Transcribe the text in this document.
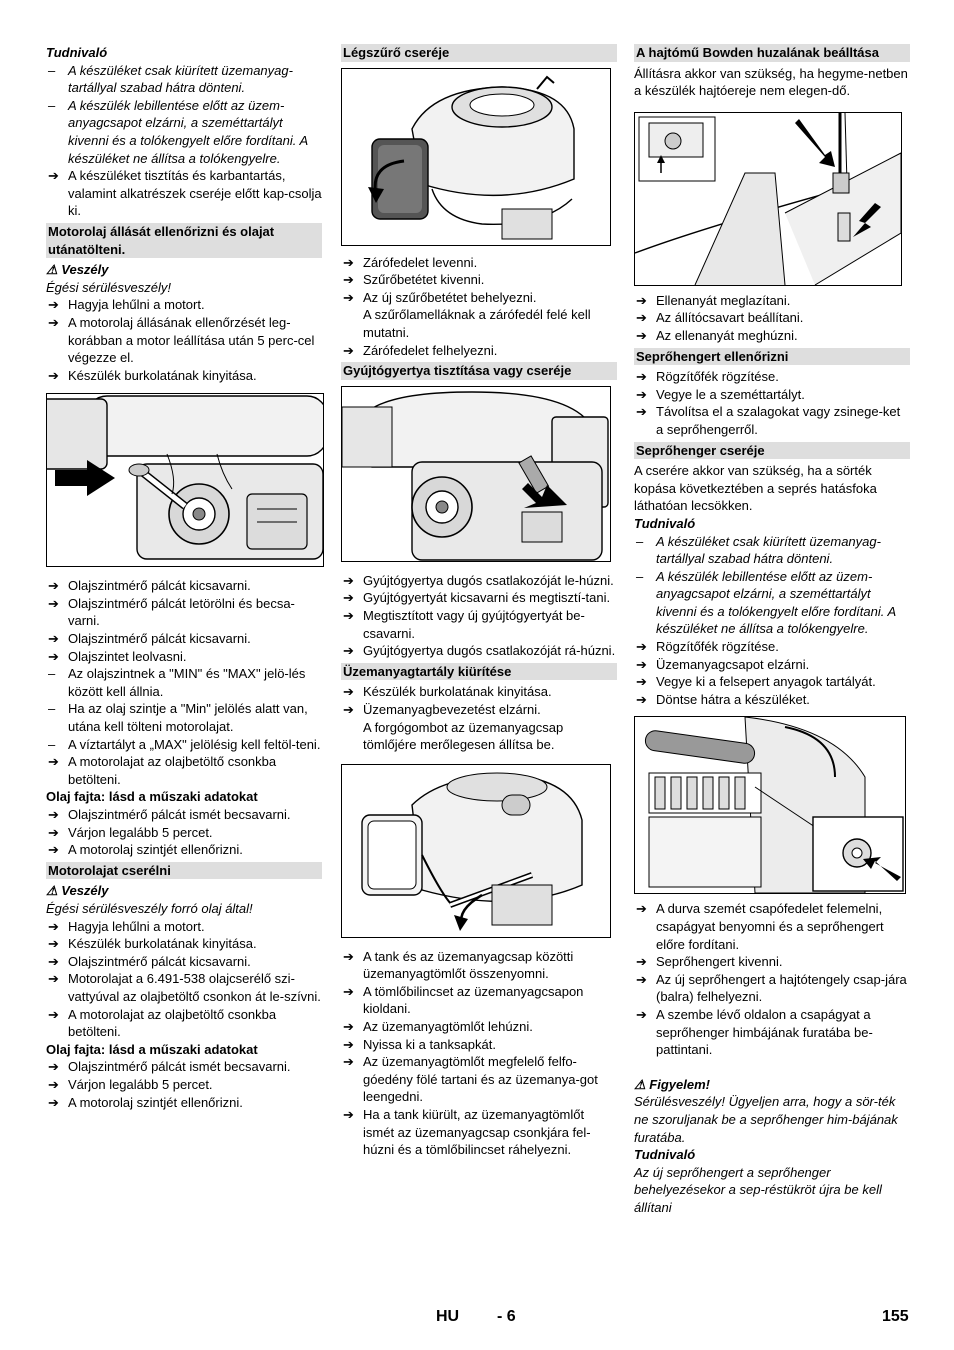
Tudnivaló
– A készüléket csak kiürített üzemanyag-tartállyal szabad hátra dönteni.
– A készülék lebillentése előtt az üzem-anyagcsapot elzárni, a szeméttartályt kivenni és a tolókengyelt előre fordítani. A készüléket ne állítsa a tolókengyelre.
➔ A készüléket tisztítás és karbantartás, valamint alkatrészek cseréje előtt kap-csolja ki.
Motorolaj állását ellenőrizni és olajat utánatölteni.
⚠ Veszély
Égési sérülésveszély!
➔ Hagyja lehűlni a motort.
➔ A motorolaj állásának ellenőrzését leg-korábban a motor leállítása után 5 perc-cel végezze el.
➔ Készülék burkolatának kinyitása.
➔ Olajszintmérő pálcát kicsavarni.
➔ Olajszintmérő pálcát letörölni és becsa-varni.
➔ Olajszintmérő pálcát kicsavarni.
➔ Olajszintet leolvasni.
– Az olajszintnek a "MIN" és "MAX" jelö-lés között kell állnia.
– Ha az olaj szintje a "Min" jelölés alatt van, utána kell tölteni motorolajat.
– A víztartályt a „MAX" jelölésig kell feltöl-teni.
➔ A motorolajat az olajbetöltő csonkba betölteni.
Olaj fajta: lásd a műszaki adatokat
➔ Olajszintmérő pálcát ismét becsavarni.
➔ Várjon legalább 5 percet.
➔ A motorolaj szintjét ellenőrizni.
Motorolajat cserélni
⚠ Veszély
Égési sérülésveszély forró olaj által!
➔ Hagyja lehűlni a motort.
➔ Készülék burkolatának kinyitása.
➔ Olajszintmérő pálcát kicsavarni.
➔ Motorolajat a 6.491-538 olajcserélő szi-vattyúval az olajbetöltő csonkon át le-szívni.
➔ A motorolajat az olajbetöltő csonkba betölteni.
Olaj fajta: lásd a műszaki adatokat
➔ Olajszintmérő pálcát ismét becsavarni.
➔ Várjon legalább 5 percet.
➔ A motorolaj szintjét ellenőrizni.
Légszűrő cseréje
➔ Zárófedelet levenni.
➔ Szűrőbetétet kivenni.
➔ Az új szűrőbetétet behelyezni.
A szűrőlamelláknak a zárófedél felé kell mutatni.
➔ Zárófedelet felhelyezni.
Gyújtógyertya tisztítása vagy cseréje
➔ Gyújtógyertya dugós csatlakozóját le-húzni.
➔ Gyújtógyertyát kicsavarni és megtisztí-tani.
➔ Megtisztított vagy új gyújtógyertyát be-csavarni.
➔ Gyújtógyertya dugós csatlakozóját rá-húzni.
Üzemanyagtartály kiürítése
➔ Készülék burkolatának kinyitása.
➔ Üzemanyagbevezetést elzárni.
A forgógombot az üzemanyagcsap tömlőjére merőlegesen állítsa be.
➔ A tank és az üzemanyagcsap közötti üzemanyagtömlőt összenyomni.
➔ A tömlőbilincset az üzemanyagcsapon kioldani.
➔ Az üzemanyagtömlőt lehúzni.
➔ Nyissa ki a tanksapkát.
➔ Az üzemanyagtömlőt megfelelő felfo-góedény fölé tartani és az üzemanya-got leengedni.
➔ Ha a tank kiürült, az üzemanyagtömlőt ismét az üzemanyagcsap csonkjára fel-húzni és a tömlőbilincset ráhelyezni.
A hajtómű Bowden huzalának beálltása
Állításra akkor van szükség, ha hegyme-netben a készülék hajtóereje nem elegen-dő.
➔ Ellenanyát meglazítani.
➔ Az állítócsavart beállítani.
➔ Az ellenanyát meghúzni.
Seprőhengert ellenőrizni
➔ Rögzítőfék rögzítése.
➔ Vegye le a szeméttartályt.
➔ Távolítsa el a szalagokat vagy zsinege-ket a seprőhengerről.
Seprőhenger cseréje
A cserére akkor van szükség, ha a sörték kopása következtében a seprés hatásfoka láthatóan lecsökken.
Tudnivaló
– A készüléket csak kiürített üzemanyag-tartállyal szabad hátra dönteni.
– A készülék lebillentése előtt az üzem-anyagcsapot elzárni, a szeméttartályt kivenni és a tolókengyelt előre fordítani. A készüléket ne állítsa a tolókengyelre.
➔ Rögzítőfék rögzítése.
➔ Üzemanyagcsapot elzárni.
➔ Vegye ki a felsepert anyagok tartályát.
➔ Döntse hátra a készüléket.
➔ A durva szemét csapófedelet felemelni, csapágyat benyomni és a seprőhengert előre fordítani.
➔ Seprőhengert kivenni.
➔ Az új seprőhengert a hajtótengely csap-jára (balra) felhelyezni.
➔ A szembe lévő oldalon a csapágyat a seprőhenger himbájának furatába be-pattintani.
⚠ Figyelem!
Sérülésveszély! Ügyeljen arra, hogy a sör-ték ne szoruljanak be a seprőhenger him-bájának furatába.
Tudnivaló
Az új seprőhengert a seprőhenger behelyezésekor a sep-réstükröt újra be kell állítani
HU - 6	155
